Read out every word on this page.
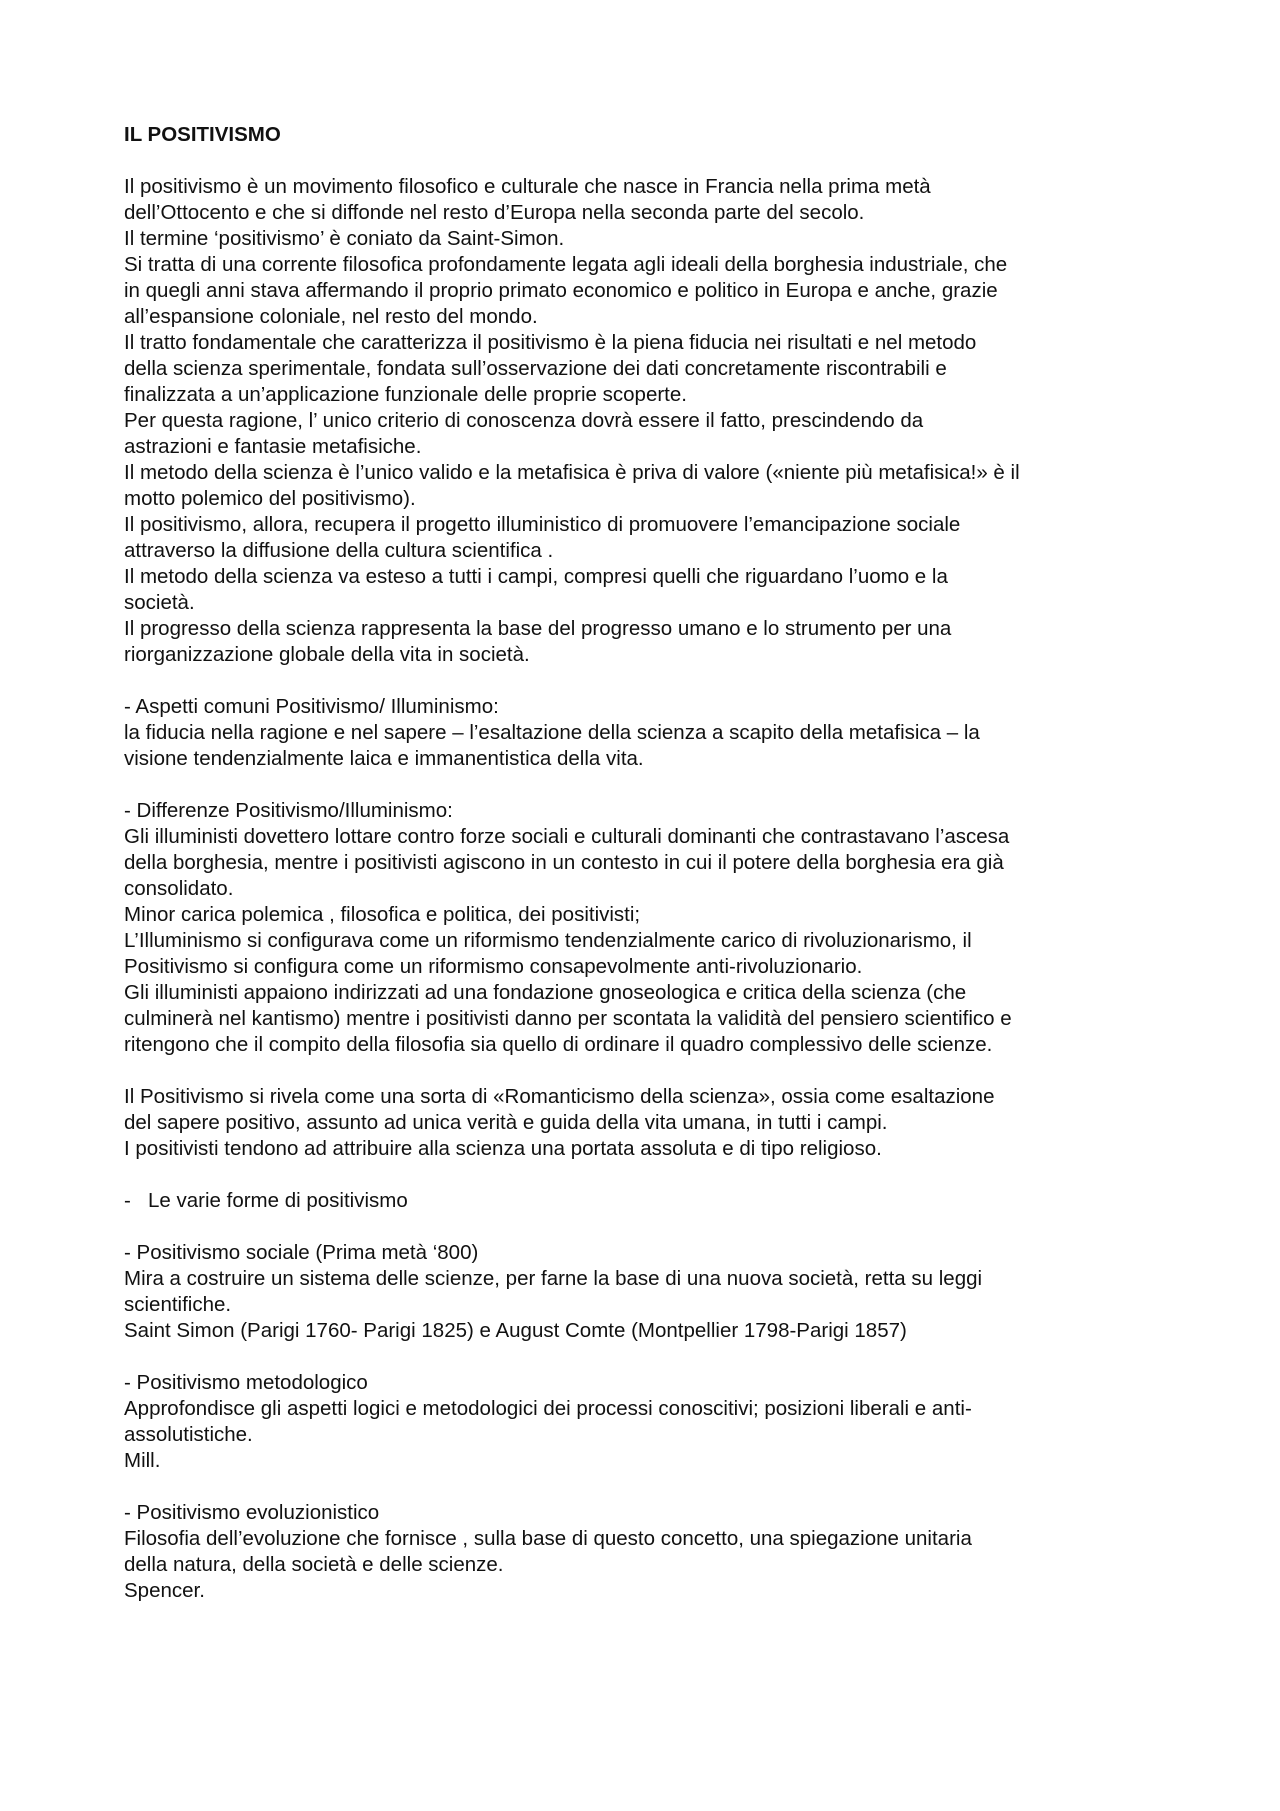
IL POSITIVISMO
Il positivismo è un movimento filosofico e culturale che nasce in Francia nella prima metà
dell’Ottocento e che si diffonde nel resto d’Europa nella seconda parte del secolo.
Il termine ‘positivismo’ è coniato da Saint-Simon.
Si tratta di una corrente filosofica profondamente legata agli ideali della borghesia industriale, che
in quegli anni stava affermando il proprio primato economico e politico in Europa e anche, grazie
all’espansione coloniale, nel resto del mondo.
Il tratto fondamentale che caratterizza il positivismo è la piena fiducia nei risultati e nel metodo
della scienza sperimentale, fondata sull’osservazione dei dati concretamente riscontrabili e
finalizzata a un’applicazione funzionale delle proprie scoperte.
Per questa ragione, l’ unico criterio di conoscenza dovrà essere il fatto, prescindendo da
astrazioni e fantasie metafisiche.
Il metodo della scienza è l’unico valido e la metafisica è priva di valore («niente più metafisica!» è il
motto polemico del positivismo).
Il positivismo, allora, recupera il progetto illuministico di promuovere l’emancipazione sociale
attraverso la diffusione della cultura scientifica .
Il metodo della scienza va esteso a tutti i campi, compresi quelli che riguardano l’uomo e la
società.
Il progresso della scienza rappresenta la base del progresso umano e lo strumento per una
riorganizzazione globale della vita in società.
- Aspetti comuni Positivismo/ Illuminismo:
la fiducia nella ragione e nel sapere – l’esaltazione della scienza a scapito della metafisica – la
visione tendenzialmente laica e immanentistica della vita.
- Differenze Positivismo/Illuminismo:
Gli illuministi dovettero lottare contro forze sociali e culturali dominanti che contrastavano l’ascesa
della borghesia, mentre i positivisti agiscono in un contesto in cui il potere della borghesia era già
consolidato.
Minor carica polemica , filosofica e politica, dei positivisti;
L’Illuminismo si configurava come un riformismo tendenzialmente carico di rivoluzionarismo, il
Positivismo si configura come un riformismo consapevolmente anti-rivoluzionario.
Gli illuministi appaiono indirizzati ad una fondazione gnoseologica e critica della scienza (che
culminerà nel kantismo) mentre i positivisti danno per scontata la validità del pensiero scientifico e
ritengono che il compito della filosofia sia quello di ordinare il quadro complessivo delle scienze.
Il Positivismo si rivela come una sorta di «Romanticismo della scienza», ossia come esaltazione
del sapere positivo, assunto ad unica verità e guida della vita umana, in tutti i campi.
I positivisti tendono ad attribuire alla scienza una portata assoluta e di tipo religioso.
- Le varie forme di positivismo
- Positivismo sociale (Prima metà ‘800)
Mira a costruire un sistema delle scienze, per farne la base di una nuova società, retta su leggi
scientifiche.
Saint Simon (Parigi 1760- Parigi 1825) e August Comte (Montpellier 1798-Parigi 1857)
- Positivismo metodologico
Approfondisce gli aspetti logici e metodologici dei processi conoscitivi; posizioni liberali e anti-
assolutistiche.
Mill.
- Positivismo evoluzionistico
Filosofia dell’evoluzione che fornisce , sulla base di questo concetto, una spiegazione unitaria
della natura, della società e delle scienze.
Spencer.
